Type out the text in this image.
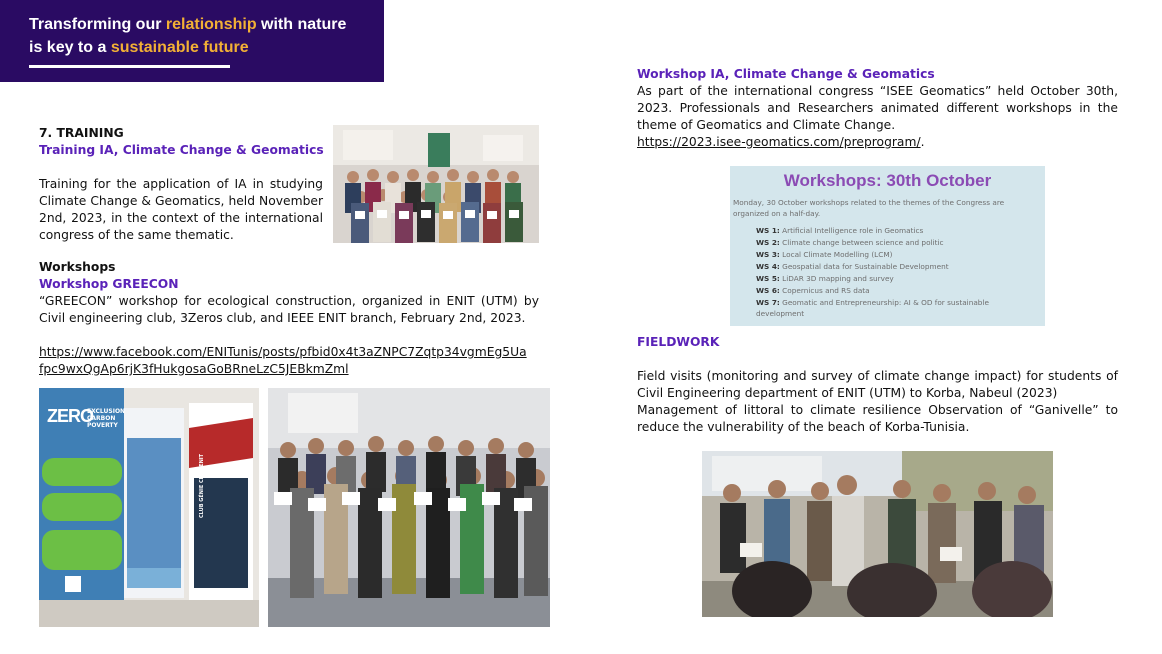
Transforming our relationship with nature
is key to a sustainable future
7. TRAINING
Training IA, Climate Change & Geomatics
Training for the application of IA in studying
Climate Change & Geomatics, held November
2nd, 2023, in the context of the international
congress of the same thematic.
Workshops
Workshop GREECON
“GREECON” workshop for ecological construction, organized in ENIT (UTM) by
Civil engineering club, 3Zeros club, and IEEE ENIT branch, February 2nd, 2023.
https://www.facebook.com/ENITunis/posts/pfbid0x4t3aZNPC7Zqtp34vgmEg5Ua
fpc9wxQgAp6rjK3fHukgosaGoBRneLzC5JEBkmZml
ZERO
EXCLUSION
CARBON
POVERTY
CLUB GÉNIE CIVIL ENIT
Workshop IA, Climate Change & Geomatics
As part of the international congress “ISEE Geomatics” held October 30th,
2023. Professionals and Researchers animated different workshops in the
theme of Geomatics and Climate Change.
https://2023.isee-geomatics.com/preprogram/.
Workshops: 30th October
Monday, 30 October workshops related to the themes of the Congress are organized on a half-day.
WS 1: Artificial Intelligence role in Geomatics
WS 2: Climate change between science and politic
WS 3: Local Climate Modelling (LCM)
WS 4: Geospatial data for Sustainable Development
WS 5: LiDAR 3D mapping and survey
WS 6: Copernicus and RS data
WS 7: Geomatic and Entrepreneurship: AI & OD for sustainable
development
FIELDWORK
Field visits (monitoring and survey of climate change impact) for students of
Civil Engineering department of ENIT (UTM) to Korba, Nabeul (2023)
Management of littoral to climate resilience Observation of “Ganivelle” to
reduce the vulnerability of the beach of Korba-Tunisia.
